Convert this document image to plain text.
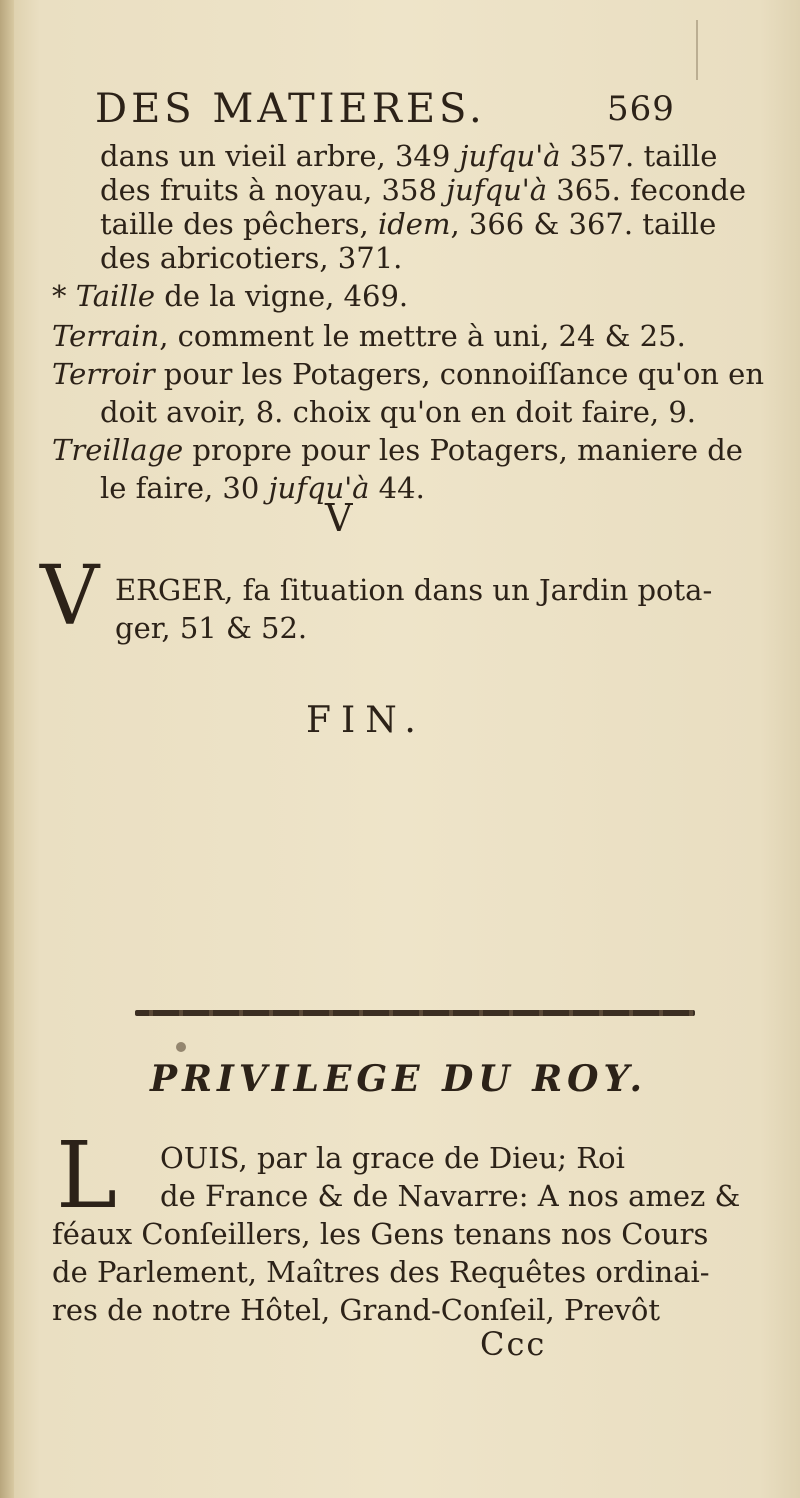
DES MATIERES.	569
dans un vieil arbre, 349 jufqu'à 357. taille
des fruits à noyau, 358 jufqu'à 365. feconde
taille des pêchers, idem, 366 & 367. taille
des abricotiers, 371.
* Taille de la vigne, 469.
Terrain, comment le mettre à uni, 24 & 25.
Terroir pour les Potagers, connoiſſance qu'on en
doit avoir, 8. choix qu'on en doit faire, 9.
Treillage propre pour les Potagers, maniere de
le faire, 30 jufqu'à 44.
V
V ERGER, fa ſituation dans un Jardin pota-
ger, 51 & 52.
FIN.
PRIVILEGE DU ROY.
L OUIS, par la grace de Dieu; Roi
de France & de Navarre: A nos amez &
féaux Conſeillers, les Gens tenans nos Cours
de Parlement, Maîtres des Requêtes ordinai-
res de notre Hôtel, Grand-Conſeil, Prevôt
Ccc
